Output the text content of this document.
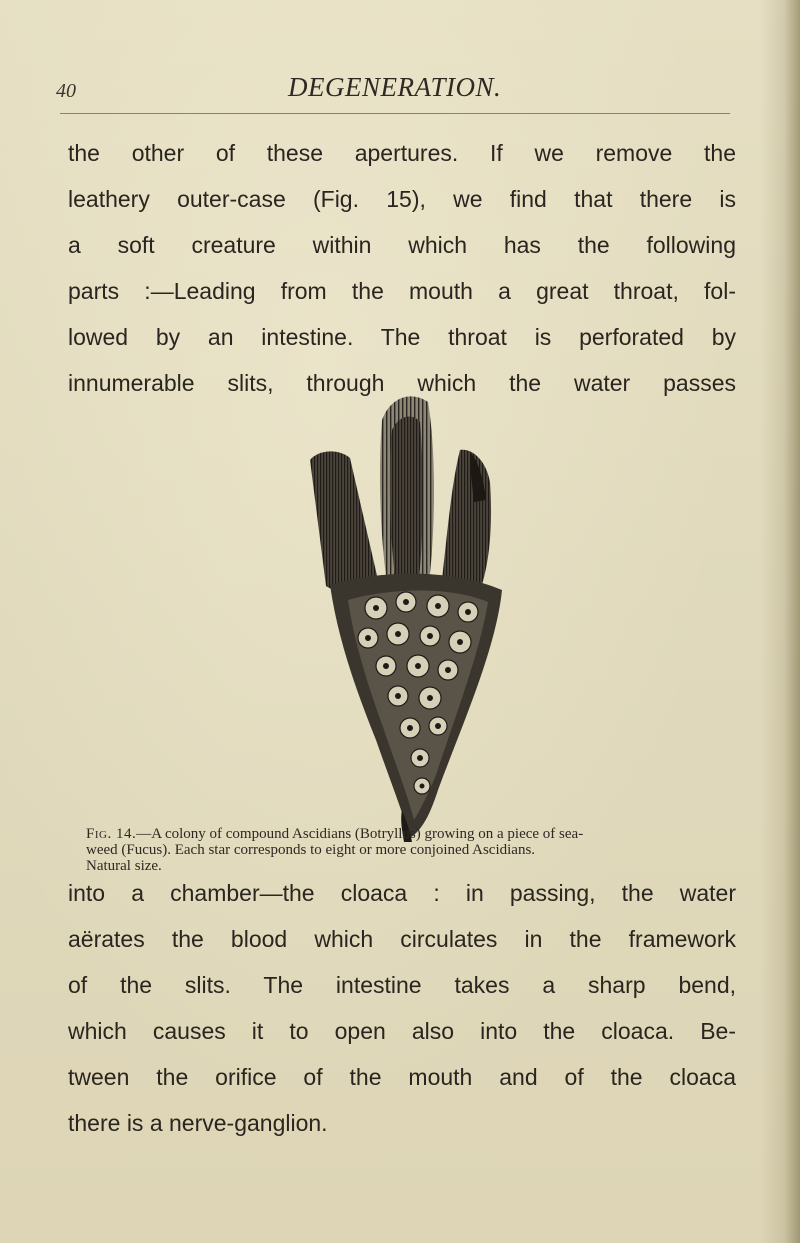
40	DEGENERATION.

the other of these apertures. If we remove the
leathery outer-case (Fig. 15), we find that there is
a soft creature within which has the following
parts :—Leading from the mouth a great throat, fol-
lowed by an intestine. The throat is perforated by
innumerable slits, through which the water passes

Fig. 14.—A colony of compound Ascidians (Botryllus) growing on a piece of sea-
weed (Fucus). Each star corresponds to eight or more conjoined Ascidians.
Natural size.

into a chamber—the cloaca : in passing, the water
aërates the blood which circulates in the framework
of the slits. The intestine takes a sharp bend,
which causes it to open also into the cloaca. Be-
tween the orifice of the mouth and of the cloaca
there is a nerve-ganglion.
